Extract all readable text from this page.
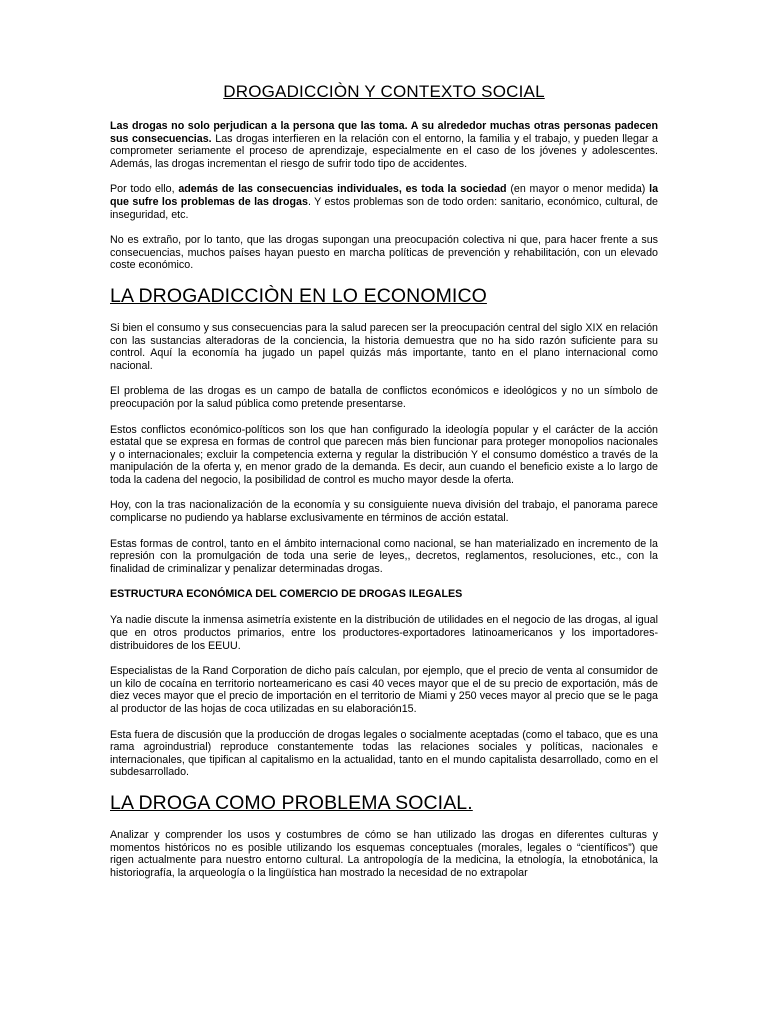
DROGADICCIÒN Y CONTEXTO SOCIAL

Las drogas no solo perjudican a la persona que las toma. A su alrededor muchas otras personas padecen sus consecuencias. Las drogas interfieren en la relación con el entorno, la familia y el trabajo, y pueden llegar a comprometer seriamente el proceso de aprendizaje, especialmente en el caso de los jóvenes y adolescentes. Además, las drogas incrementan el riesgo de sufrir todo tipo de accidentes.

Por todo ello, además de las consecuencias individuales, es toda la sociedad (en mayor o menor medida) la que sufre los problemas de las drogas. Y estos problemas son de todo orden: sanitario, económico, cultural, de inseguridad, etc.

No es extraño, por lo tanto, que las drogas supongan una preocupación colectiva ni que, para hacer frente a sus consecuencias, muchos países hayan puesto en marcha políticas de prevención y rehabilitación, con un elevado coste económico.

LA DROGADICCIÒN EN LO ECONOMICO

Si bien el consumo y sus consecuencias para la salud parecen ser la preocupación central del siglo XIX en relación con las sustancias alteradoras de la conciencia, la historia demuestra que no ha sido razón suficiente para su control. Aquí la economía ha jugado un papel quizás más importante, tanto en el plano internacional como nacional.

El problema de las drogas es un campo de batalla de conflictos económicos e ideológicos y no un símbolo de preocupación por la salud pública como pretende presentarse.

Estos conflictos económico-políticos son los que han configurado la ideología popular y el carácter de la acción estatal que se expresa en formas de control que parecen más bien funcionar para proteger monopolios nacionales y o internacionales; excluir la competencia externa y regular la distribución Y el consumo doméstico a través de la manipulación de la oferta y, en menor grado de la demanda. Es decir, aun cuando el beneficio existe a lo largo de toda la cadena del negocio, la posibilidad de control es mucho mayor desde la oferta.

Hoy, con la tras nacionalización de la economía y su consiguiente nueva división del trabajo, el panorama parece complicarse no pudiendo ya hablarse exclusivamente en términos de acción estatal.

Estas formas de control, tanto en el ámbito internacional como nacional, se han materializado en incremento de la represión con la promulgación de toda una serie de leyes,, decretos, reglamentos, resoluciones, etc., con la finalidad de criminalizar y penalizar determinadas drogas.

ESTRUCTURA ECONÓMICA DEL COMERCIO DE DROGAS ILEGALES

Ya nadie discute la inmensa asimetría existente en la distribución de utilidades en el negocio de las drogas, al igual que en otros productos primarios, entre los productores-exportadores latinoamericanos y los importadores-distribuidores de los EEUU.

Especialistas de la Rand Corporation de dicho país calculan, por ejemplo, que el precio de venta al consumidor de un kilo de cocaína en territorio norteamericano es casi 40 veces mayor que el de su precio de exportación, más de diez veces mayor que el precio de importación en el territorio de Miami y 250 veces mayor al precio que se le paga al productor de las hojas de coca utilizadas en su elaboración15.

Esta fuera de discusión que la producción de drogas legales o socialmente aceptadas (como el tabaco, que es una rama agroindustrial) reproduce constantemente todas las relaciones sociales y políticas, nacionales e internacionales, que tipifican al capitalismo en la actualidad, tanto en el mundo capitalista desarrollado, como en el subdesarrollado.

LA DROGA COMO PROBLEMA SOCIAL.

Analizar y comprender los usos y costumbres de cómo se han utilizado las drogas en diferentes culturas y momentos históricos no es posible utilizando los esquemas conceptuales (morales, legales o “científicos”) que rigen actualmente para nuestro entorno cultural. La antropología de la medicina, la etnología, la etnobotánica, la historiografía, la arqueología o la lingüística han mostrado la necesidad de no extrapolar
